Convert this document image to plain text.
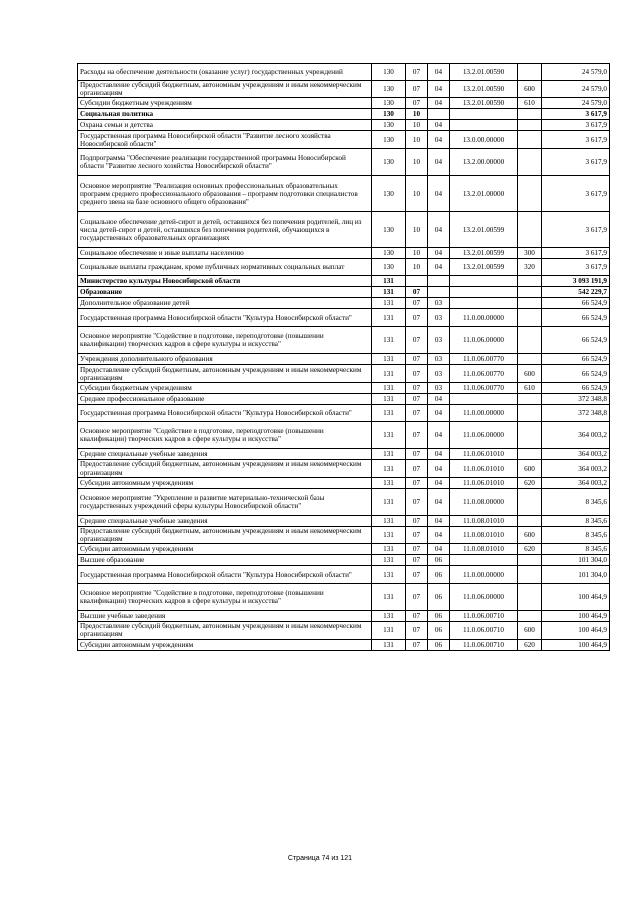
Расходы на обеспечение деятельности (оказание услуг) государственных учреждений	130	07	04	13.2.01.00590		24 579,0
Предоставление субсидий бюджетным, автономным учреждениям и иным некоммерческим организациям	130	07	04	13.2.01.00590	600	24 579,0
Субсидии бюджетным учреждениям	130	07	04	13.2.01.00590	610	24 579,0
Социальная политика	130	10				3 617,9
Охрана семьи и детства	130	10	04			3 617,9
Государственная программа Новосибирской области "Развитие лесного хозяйства Новосибирской области"	130	10	04	13.0.00.00000		3 617,9
Подпрограмма "Обеспечение реализации государственной программы Новосибирской области "Развитие лесного хозяйства Новосибирской области"	130	10	04	13.2.00.00000		3 617,9
Основное мероприятие "Реализация основных профессиональных образовательных программ среднего профессионального образования – программ подготовки специалистов среднего звена на базе основного общего образования"	130	10	04	13.2.01.00000		3 617,9
Социальное обеспечение детей-сирот и детей, оставшихся без попечения родителей, лиц из числа детей-сирот и детей, оставшихся без попечения родителей, обучающихся в государственных образовательных организациях	130	10	04	13.2.01.00599		3 617,9
Социальное обеспечение и иные выплаты населению	130	10	04	13.2.01.00599	300	3 617,9
Социальные выплаты гражданам, кроме публичных нормативных социальных выплат	130	10	04	13.2.01.00599	320	3 617,9
Министерство культуры Новосибирской области	131					3 093 191,9
Образование	131	07				542 229,7
Дополнительное образование детей	131	07	03			66 524,9
Государственная программа Новосибирской области "Культура Новосибирской области"	131	07	03	11.0.00.00000		66 524,9
Основное мероприятие "Содействие в подготовке, переподготовке (повышении квалификации) творческих кадров в сфере культуры и искусства"	131	07	03	11.0.06.00000		66 524,9
Учреждения дополнительного образования	131	07	03	11.0.06.00770		66 524,9
Предоставление субсидий бюджетным, автономным учреждениям и иным некоммерческим организациям	131	07	03	11.0.06.00770	600	66 524,9
Субсидии бюджетным учреждениям	131	07	03	11.0.06.00770	610	66 524,9
Среднее профессиональное образование	131	07	04			372 348,8
Государственная программа Новосибирской области "Культура Новосибирской области"	131	07	04	11.0.00.00000		372 348,8
Основное мероприятие "Содействие в подготовке, переподготовке (повышении квалификации) творческих кадров в сфере культуры и искусства"	131	07	04	11.0.06.00000		364 003,2
Средние специальные учебные заведения	131	07	04	11.0.06.01010		364 003,2
Предоставление субсидий бюджетным, автономным учреждениям и иным некоммерческим организациям	131	07	04	11.0.06.01010	600	364 003,2
Субсидии автономным учреждениям	131	07	04	11.0.06.01010	620	364 003,2
Основное мероприятие "Укрепление и развитие материально-технической базы государственных учреждений сферы культуры Новосибирской области"	131	07	04	11.0.08.00000		8 345,6
Средние специальные учебные заведения	131	07	04	11.0.08.01010		8 345,6
Предоставление субсидий бюджетным, автономным учреждениям и иным некоммерческим организациям	131	07	04	11.0.08.01010	600	8 345,6
Субсидии автономным учреждениям	131	07	04	11.0.08.01010	620	8 345,6
Высшее образование	131	07	06			101 304,0
Государственная программа Новосибирской области "Культура Новосибирской области"	131	07	06	11.0.00.00000		101 304,0
Основное мероприятие "Содействие в подготовке, переподготовке (повышении квалификации) творческих кадров в сфере культуры и искусства"	131	07	06	11.0.06.00000		100 464,9
Высшие учебные заведения	131	07	06	11.0.06.00710		100 464,9
Предоставление субсидий бюджетным, автономным учреждениям и иным некоммерческим организациям	131	07	06	11.0.06.00710	600	100 464,9
Субсидии автономным учреждениям	131	07	06	11.0.06.00710	620	100 464,9
Страница 74 из 121
